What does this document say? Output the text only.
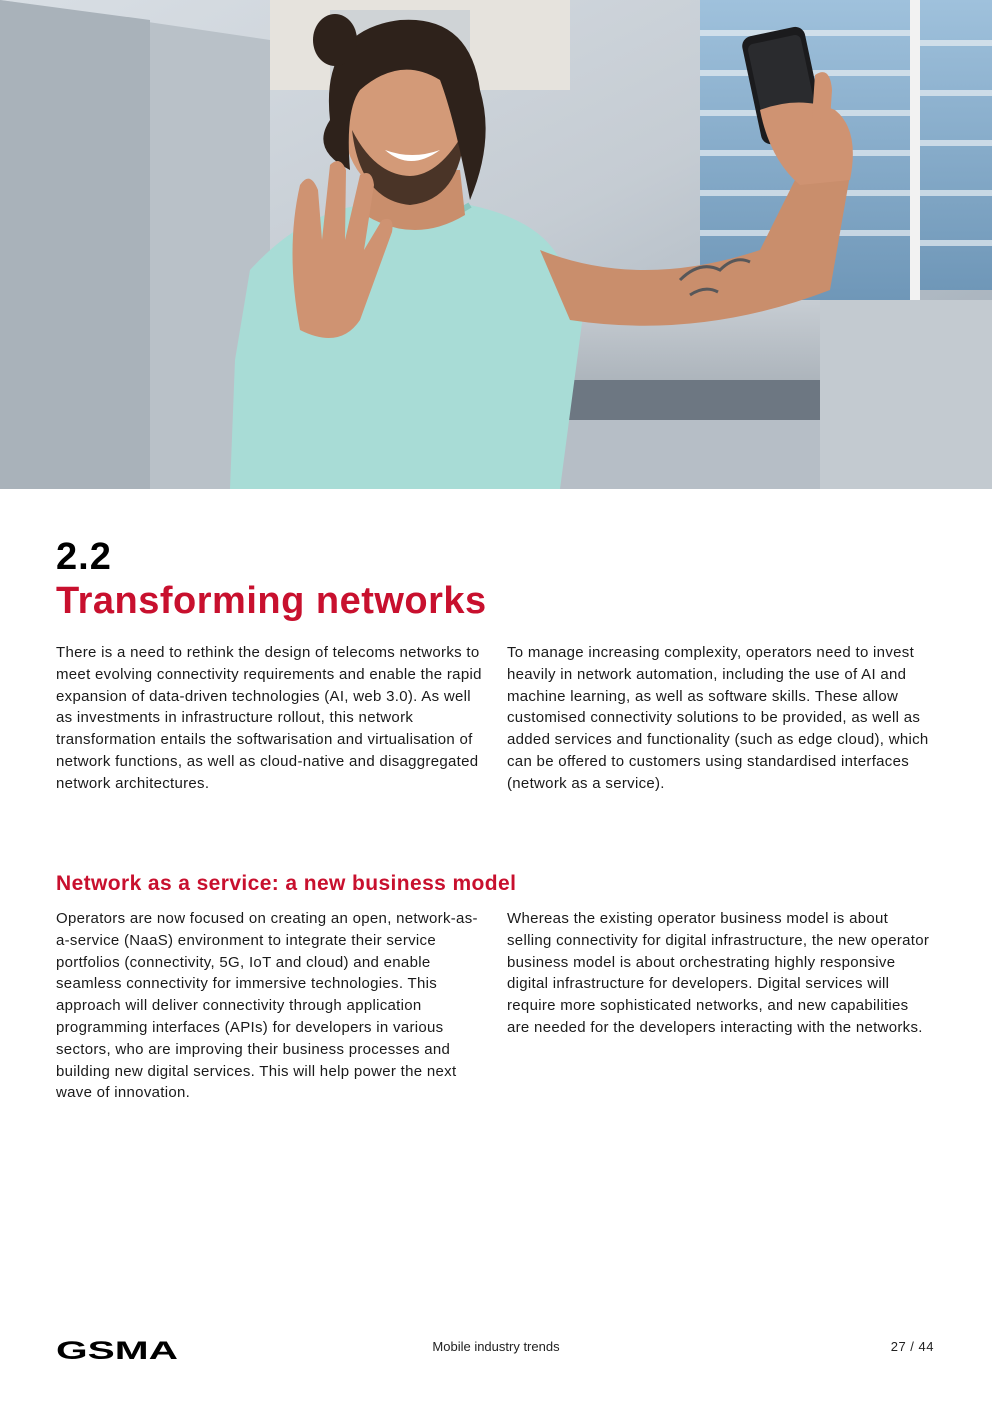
2.2
Transforming networks

There is a need to rethink the design of telecoms networks to meet evolving connectivity requirements and enable the rapid expansion of data-driven technologies (AI, web 3.0). As well as investments in infrastructure rollout, this network transformation entails the softwarisation and virtualisation of network functions, as well as cloud-native and disaggregated network architectures.

To manage increasing complexity, operators need to invest heavily in network automation, including the use of AI and machine learning, as well as software skills. These allow customised connectivity solutions to be provided, as well as added services and functionality (such as edge cloud), which can be offered to customers using standardised interfaces (network as a service).

Network as a service: a new business model

Operators are now focused on creating an open, network-as-a-service (NaaS) environment to integrate their service portfolios (connectivity, 5G, IoT and cloud) and enable seamless connectivity for immersive technologies. This approach will deliver connectivity through application programming interfaces (APIs) for developers in various sectors, who are improving their business processes and building new digital services. This will help power the next wave of innovation.

Whereas the existing operator business model is about selling connectivity for digital infrastructure, the new operator business model is about orchestrating highly responsive digital infrastructure for developers. Digital services will require more sophisticated networks, and new capabilities are needed for the developers interacting with the networks.

GSMA	Mobile industry trends	27 / 44
